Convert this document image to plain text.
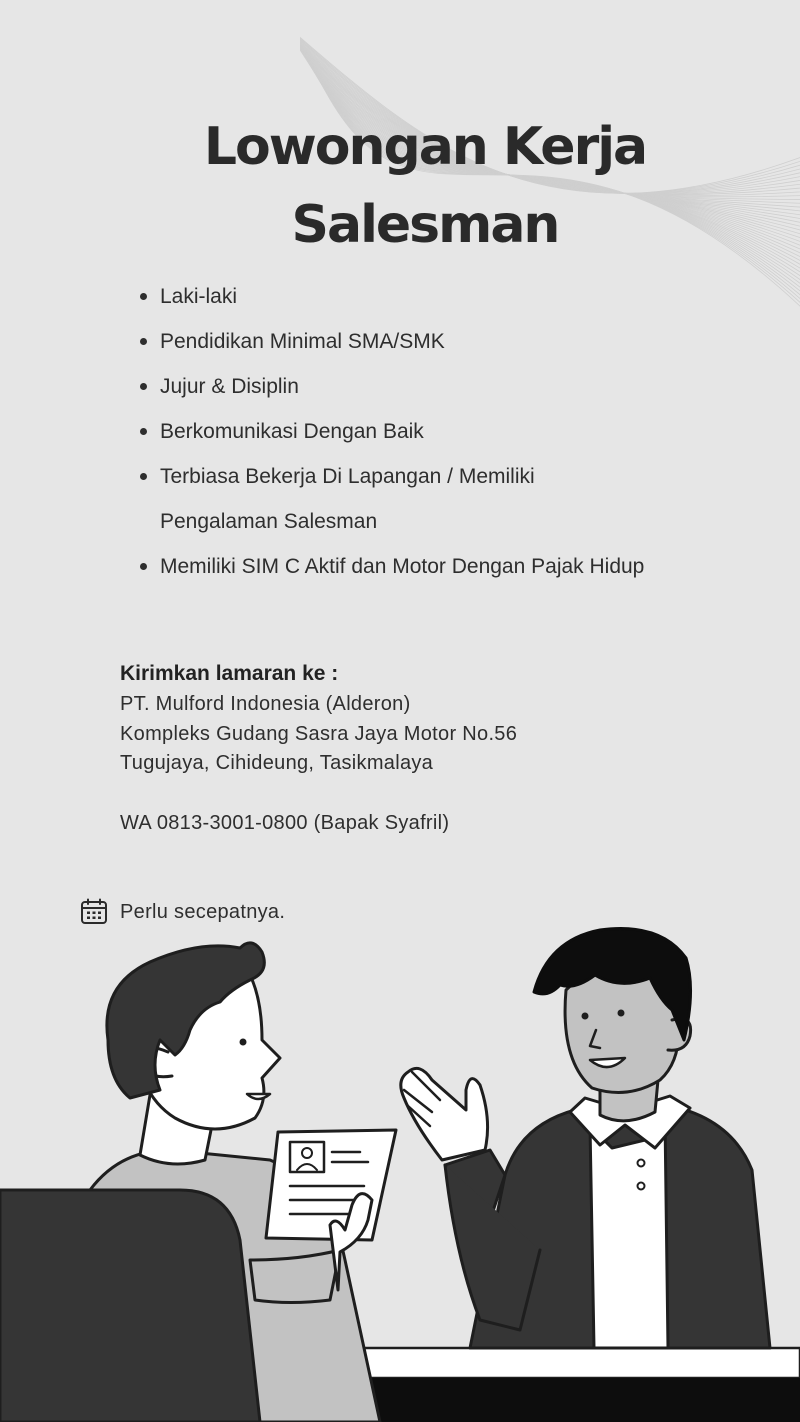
Lowongan Kerja
Salesman
Laki-laki
Pendidikan Minimal SMA/SMK
Jujur & Disiplin
Berkomunikasi Dengan Baik
Terbiasa Bekerja Di Lapangan / Memiliki Pengalaman Salesman
Memiliki SIM C Aktif dan Motor Dengan Pajak Hidup
Kirimkan lamaran ke :
PT. Mulford Indonesia (Alderon)
Kompleks Gudang Sasra Jaya Motor No.56
Tugujaya, Cihideung, Tasikmalaya
WA 0813-3001-0800 (Bapak Syafril)
Perlu secepatnya.
